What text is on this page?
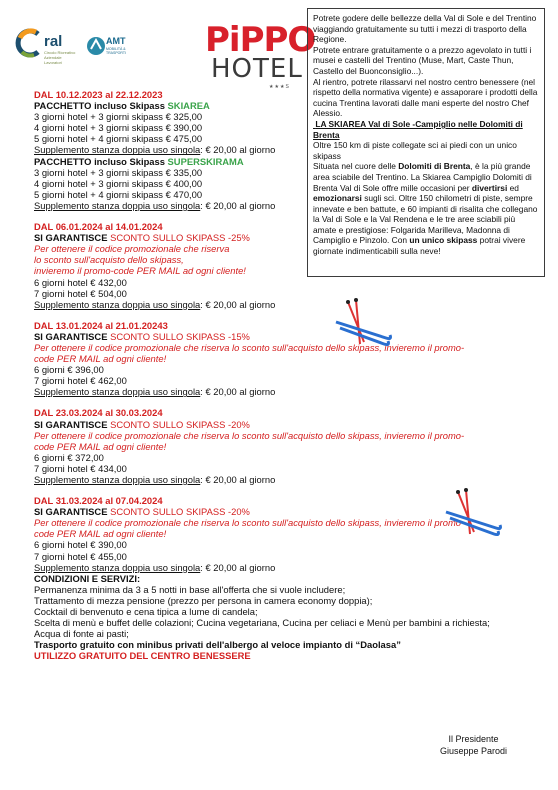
ral
Circolo Ricreativo Aziendale Lavoratori
AMT
MOBILITÀ & TRASPORTI	PiPPO
HOTEL
★★★S

Potrete godere delle bellezze della Val di Sole e del Trentino viaggiando gratuitamente su tutti i mezzi di trasporto della Regione.

Potrete entrare gratuitamente o a prezzo agevolato in tutti i musei e castelli del Trentino (Muse, Mart, Caste Thun, Castello del Buonconsiglio...).

Al rientro, potrete rilassarvi nel nostro centro benessere (nel rispetto della normativa vigente) e assaporare i prodotti della cucina Trentina lavorati dalle mani esperte del nostro Chef Alessio.

LA SKIAREA Val di Sole -Campiglio nelle Dolomiti di Brenta

Oltre 150 km di piste collegate sci ai piedi con un unico skipass

Situata nel cuore delle Dolomiti di Brenta, è la più grande area sciabile del Trentino. La Skiarea Campiglio Dolomiti di Brenta Val di Sole offre mille occasioni per divertirsi ed emozionarsi sugli sci. Oltre 150 chilometri di piste, sempre innevate e ben battute, e 60 impianti di risalita che collegano la Val di Sole e la Val Rendena e le tre aree sciabili più amate e prestigiose: Folgarida Marilleva, Madonna di Campiglio e Pinzolo. Con un unico skipass potrai vivere giornate indimenticabili sulla neve!

DAL 10.12.2023 al 22.12.2023
PACCHETTO incluso Skipass SKIAREA
3 giorni hotel + 3 giorni skipass € 325,00
4 giorni hotel + 3 giorni skipass € 390,00
5 giorni hotel + 4 giorni skipass € 475,00
Supplemento stanza doppia uso singola: € 20,00 al giorno
PACCHETTO incluso Skipass SUPERSKIRAMA
3 giorni hotel + 3 giorni skipass € 335,00
4 giorni hotel + 3 giorni skipass € 400,00
5 giorni hotel + 4 giorni skipass € 470,00
Supplemento stanza doppia uso singola: € 20,00 al giorno
DAL 06.01.2024 al 14.01.2024
SI GARANTISCE SCONTO SULLO SKIPASS -25%
Per ottenere il codice promozionale che riserva
lo sconto sull'acquisto dello skipass,
invieremo il promo-code PER MAIL ad ogni cliente!
6 giorni hotel € 432,00
7 giorni hotel € 504,00
Supplemento stanza doppia uso singola: € 20,00 al giorno
DAL 13.01.2024 al 21.01.20243
SI GARANTISCE SCONTO SULLO SKIPASS -15%
Per ottenere il codice promozionale che riserva lo sconto sull'acquisto dello skipass, invieremo il promo-
code PER MAIL ad ogni cliente!
6 giorni € 396,00
7 giorni hotel € 462,00
Supplemento stanza doppia uso singola: € 20,00 al giorno
DAL 23.03.2024 al 30.03.2024
SI GARANTISCE SCONTO SULLO SKIPASS -20%
Per ottenere il codice promozionale che riserva lo sconto sull'acquisto dello skipass, invieremo il promo-
code PER MAIL ad ogni cliente!
6 giorni € 372,00
7 giorni hotel € 434,00
Supplemento stanza doppia uso singola: € 20,00 al giorno
DAL 31.03.2024 al 07.04.2024
SI GARANTISCE SCONTO SULLO SKIPASS -20%
Per ottenere il codice promozionale che riserva lo sconto sull'acquisto dello skipass, invieremo il promo-
code PER MAIL ad ogni cliente!
6 giorni hotel € 390,00
7 giorni hotel € 455,00
Supplemento stanza doppia uso singola: € 20,00 al giorno
CONDIZIONI E SERVIZI:
Permanenza minima da 3 a 5 notti in base all'offerta che si vuole includere;
Trattamento di mezza pensione (prezzo per persona in camera economy doppia);
Cocktail di benvenuto e cena tipica a lume di candela;
Scelta di menù e buffet delle colazioni; Cucina vegetariana, Cucina per celiaci e Menù per bambini a richiesta;
Acqua di fonte ai pasti;
Trasporto gratuito con minibus privati dell'albergo al veloce impianto di “Daolasa”
UTILIZZO GRATUITO DEL CENTRO BENESSERE
Il Presidente
Giuseppe Parodi
